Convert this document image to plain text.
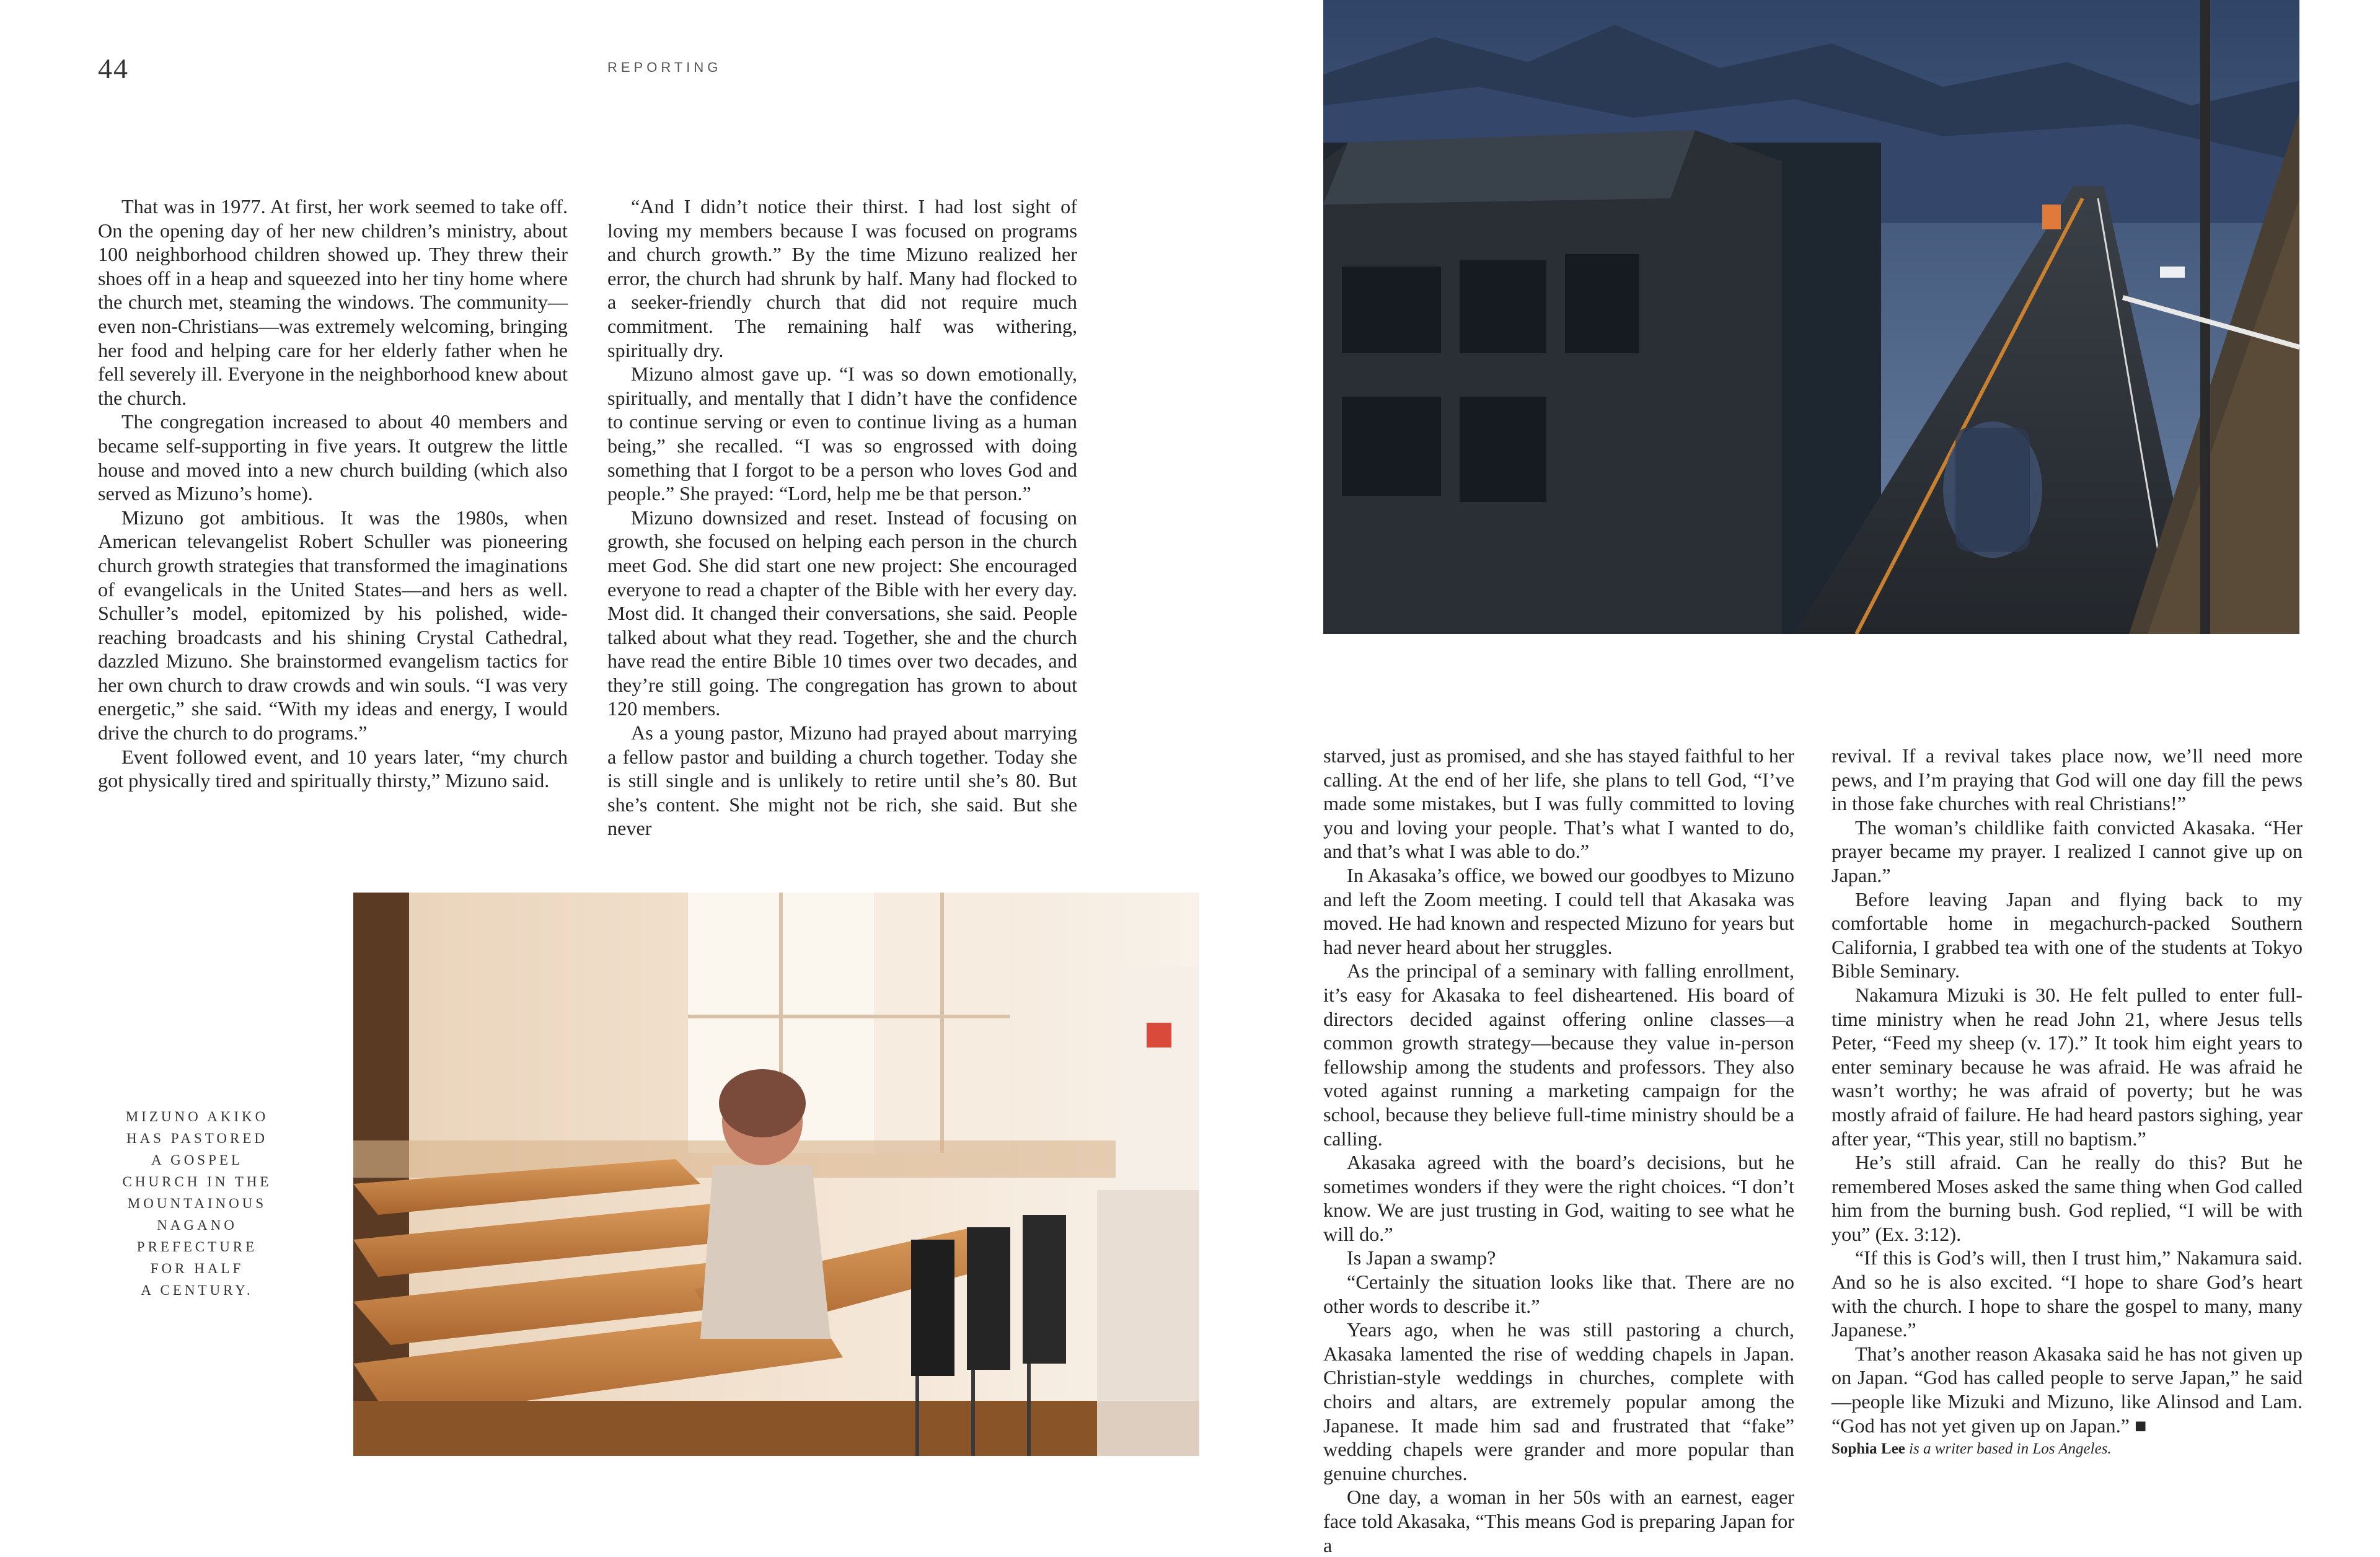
44	REPORTING

That was in 1977. At first, her work seemed to take off. On the opening day of her new children’s ministry, about 100 neighborhood children showed up. They threw their shoes off in a heap and squeezed into her tiny home where the church met, steaming the windows. The community—even non-Christians—was extremely welcoming, bringing her food and helping care for her elderly father when he fell severely ill. Everyone in the neighborhood knew about the church.

The congregation increased to about 40 members and became self-supporting in five years. It outgrew the little house and moved into a new church building (which also served as Mizuno’s home).

Mizuno got ambitious. It was the 1980s, when American televangelist Robert Schuller was pioneering church growth strategies that transformed the imaginations of evangelicals in the United States—and hers as well. Schuller’s model, epitomized by his polished, wide-reaching broadcasts and his shining Crystal Cathedral, dazzled Mizuno. She brainstormed evangelism tactics for her own church to draw crowds and win souls. “I was very energetic,” she said. “With my ideas and energy, I would drive the church to do programs.”

Event followed event, and 10 years later, “my church got physically tired and spiritually thirsty,” Mizuno said.

“And I didn’t notice their thirst. I had lost sight of loving my members because I was focused on programs and church growth.” By the time Mizuno realized her error, the church had shrunk by half. Many had flocked to a seeker-friendly church that did not require much commitment. The remaining half was withering, spiritually dry.

Mizuno almost gave up. “I was so down emotionally, spiritually, and mentally that I didn’t have the confidence to continue serving or even to continue living as a human being,” she recalled. “I was so engrossed with doing something that I forgot to be a person who loves God and people.” She prayed: “Lord, help me be that person.”

Mizuno downsized and reset. Instead of focusing on growth, she focused on helping each person in the church meet God. She did start one new project: She encouraged everyone to read a chapter of the Bible with her every day. Most did. It changed their conversations, she said. People talked about what they read. Together, she and the church have read the entire Bible 10 times over two decades, and they’re still going. The congregation has grown to about 120 members.

As a young pastor, Mizuno had prayed about marrying a fellow pastor and building a church together. Today she is still single and is unlikely to retire until she’s 80. But she’s content. She might not be rich, she said. But she never

starved, just as promised, and she has stayed faithful to her calling. At the end of her life, she plans to tell God, “I’ve made some mistakes, but I was fully committed to loving you and loving your people. That’s what I wanted to do, and that’s what I was able to do.”

In Akasaka’s office, we bowed our goodbyes to Mizuno and left the Zoom meeting. I could tell that Akasaka was moved. He had known and respected Mizuno for years but had never heard about her struggles.

As the principal of a seminary with falling enrollment, it’s easy for Akasaka to feel disheartened. His board of directors decided against offering online classes—a common growth strategy—because they value in-person fellowship among the students and professors. They also voted against running a marketing campaign for the school, because they believe full-time ministry should be a calling.

Akasaka agreed with the board’s decisions, but he sometimes wonders if they were the right choices. “I don’t know. We are just trusting in God, waiting to see what he will do.”

Is Japan a swamp?

“Certainly the situation looks like that. There are no other words to describe it.”

Years ago, when he was still pastoring a church, Akasaka lamented the rise of wedding chapels in Japan. Christian-style weddings in churches, complete with choirs and altars, are extremely popular among the Japanese. It made him sad and frustrated that “fake” wedding chapels were grander and more popular than genuine churches.

One day, a woman in her 50s with an earnest, eager face told Akasaka, “This means God is preparing Japan for a

revival. If a revival takes place now, we’ll need more pews, and I’m praying that God will one day fill the pews in those fake churches with real Christians!”

The woman’s childlike faith convicted Akasaka. “Her prayer became my prayer. I realized I cannot give up on Japan.”

Before leaving Japan and flying back to my comfortable home in megachurch-packed Southern California, I grabbed tea with one of the students at Tokyo Bible Seminary.

Nakamura Mizuki is 30. He felt pulled to enter full-time ministry when he read John 21, where Jesus tells Peter, “Feed my sheep (v. 17).” It took him eight years to enter seminary because he was afraid. He was afraid he wasn’t worthy; he was afraid of poverty; but he was mostly afraid of failure. He had heard pastors sighing, year after year, “This year, still no baptism.”

He’s still afraid. Can he really do this? But he remembered Moses asked the same thing when God called him from the burning bush. God replied, “I will be with you” (Ex. 3:12).

“If this is God’s will, then I trust him,” Nakamura said. And so he is also excited. “I hope to share God’s heart with the church. I hope to share the gospel to many, many Japanese.”

That’s another reason Akasaka said he has not given up on Japan. “God has called people to serve Japan,” he said—people like Mizuki and Mizuno, like Alinsod and Lam. “God has not yet given up on Japan.” ■

Sophia Lee is a writer based in Los Angeles.

MIZUNO AKIKO
HAS PASTORED
A GOSPEL
CHURCH IN THE
MOUNTAINOUS
NAGANO
PREFECTURE
FOR HALF
A CENTURY.
